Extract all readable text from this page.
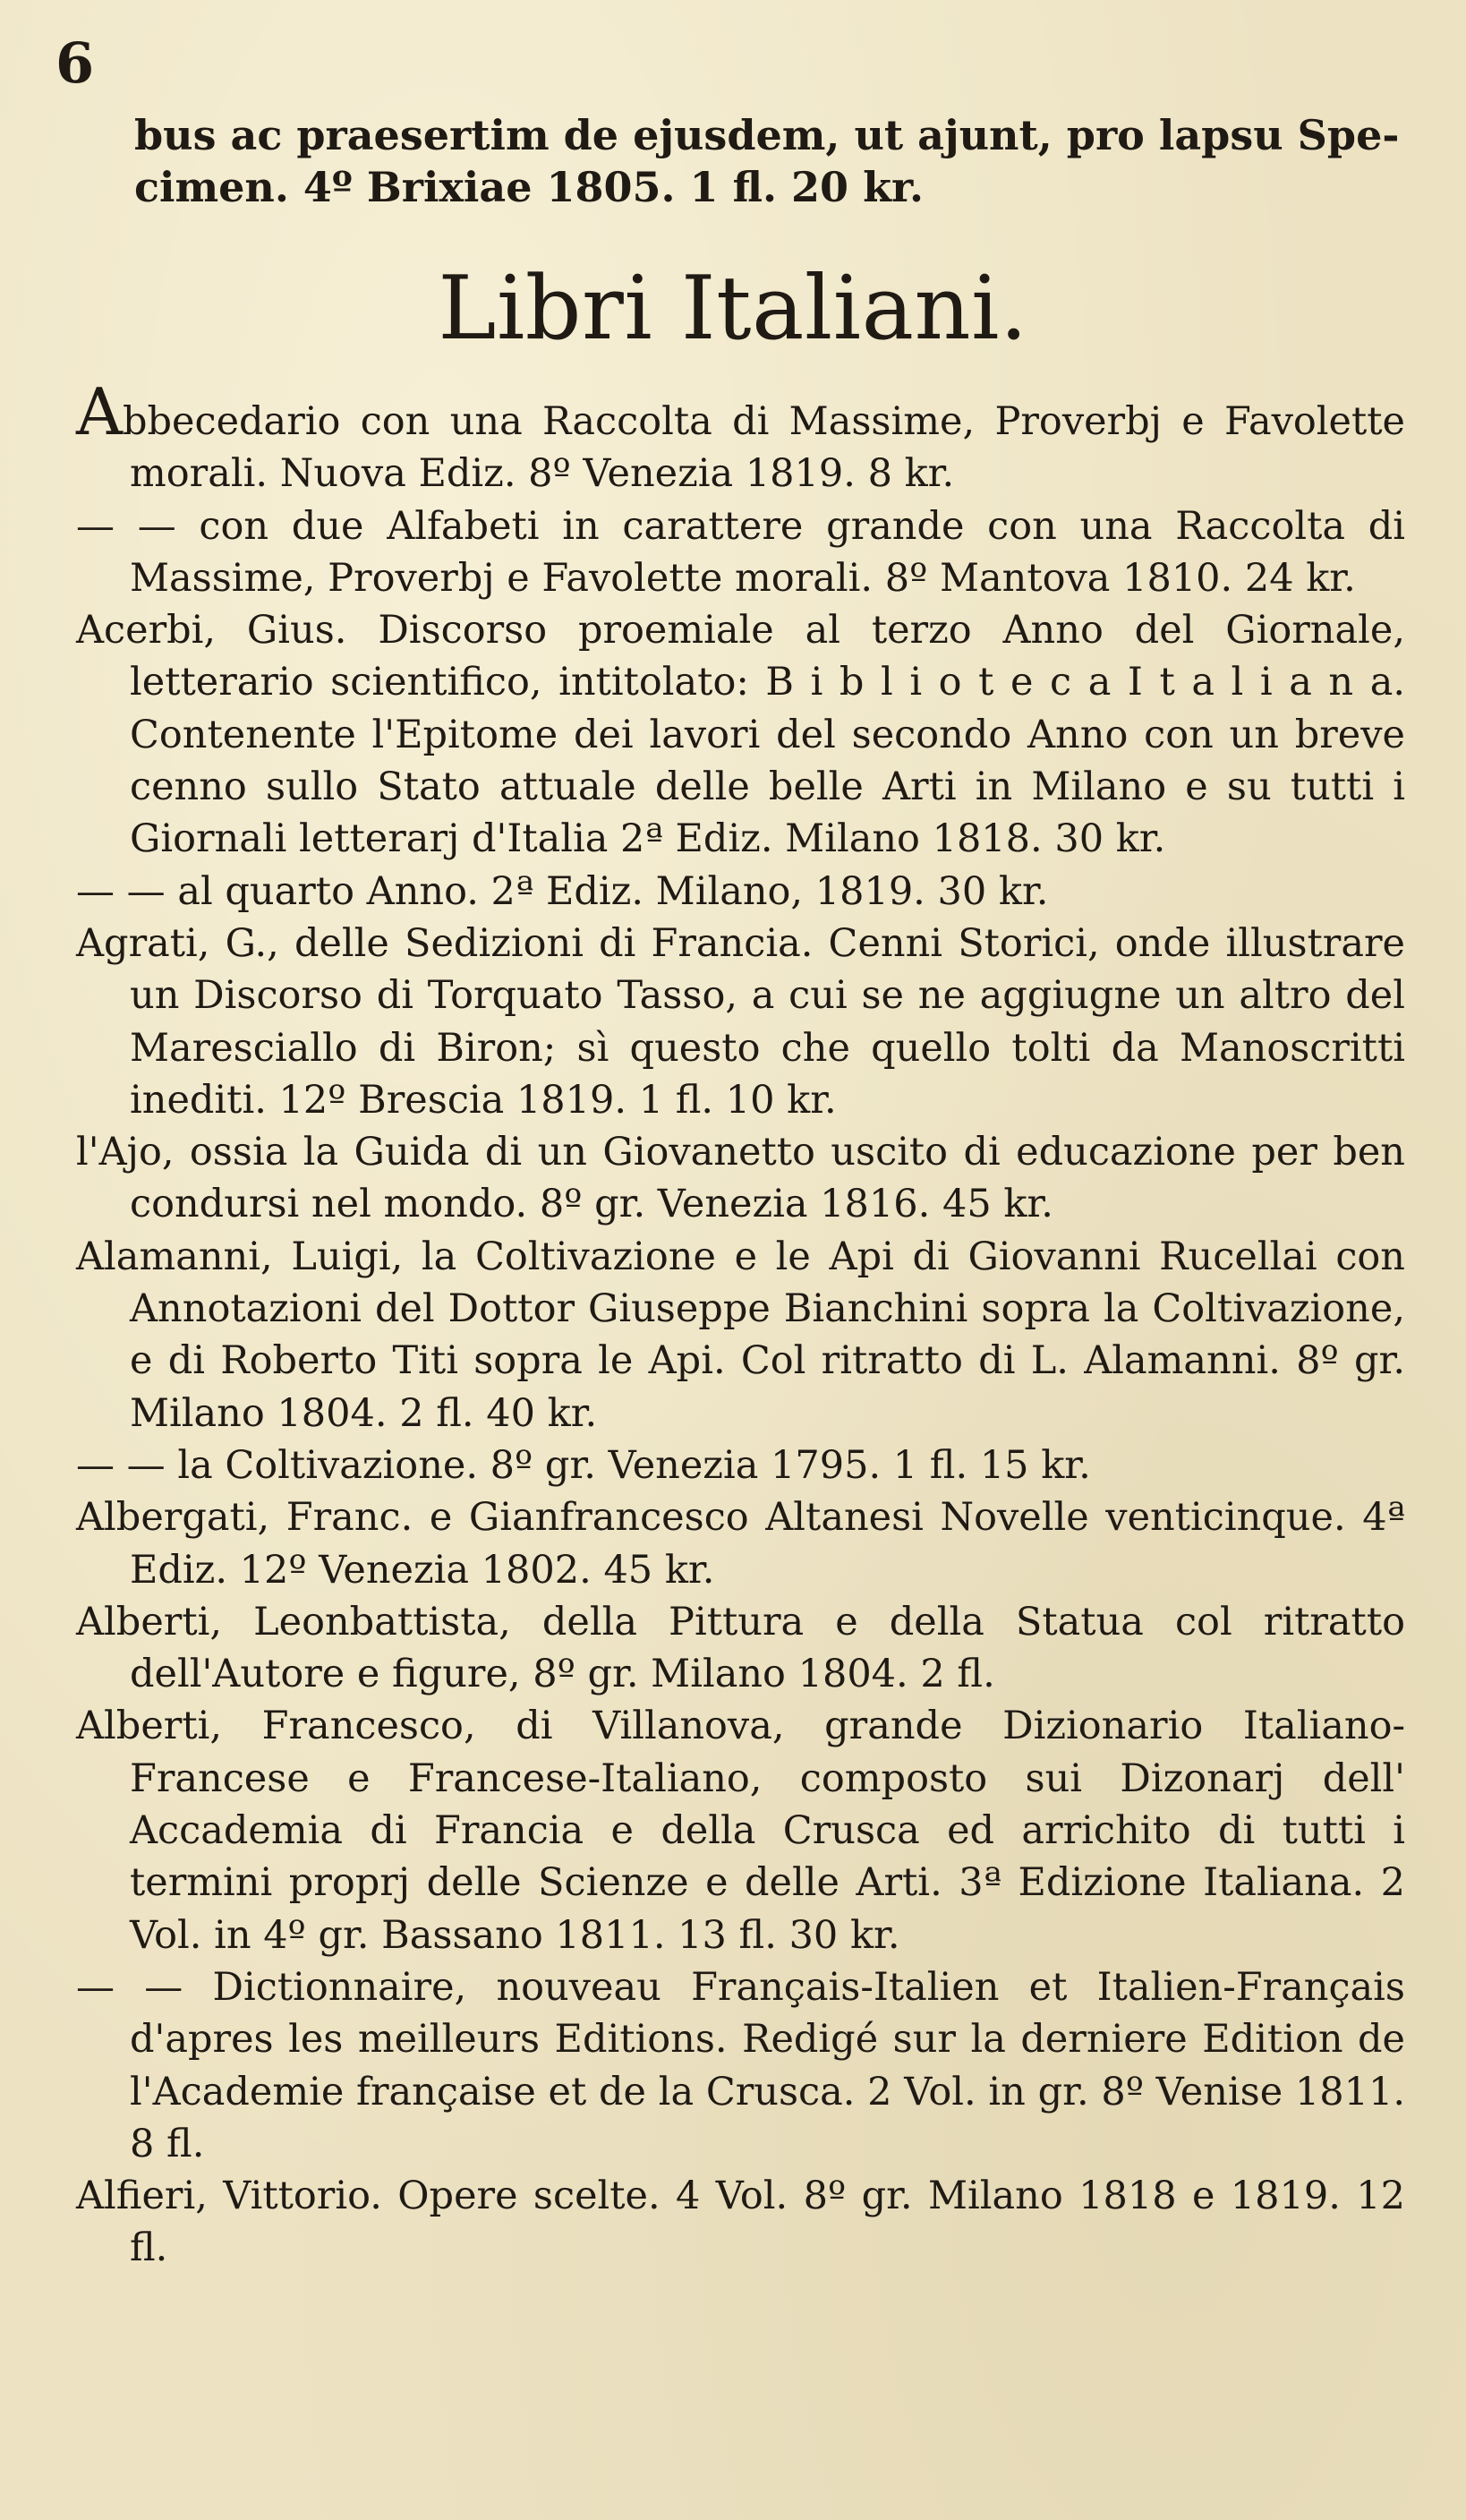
6
bus ac praesertim de ejusdem, ut ajunt, pro lapsu Spe-
cimen. 4º Brixiae 1805. 1 fl. 20 kr.
Libri Italiani.

Abbecedario con una Raccolta di Massime, Proverbj e Favolette morali. Nuova Ediz. 8º Venezia 1819. 8 kr.

— — con due Alfabeti in carattere grande con una Raccolta di Massime, Proverbj e Favolette morali. 8º Mantova 1810. 24 kr.

Acerbi, Gius. Discorso proemiale al terzo Anno del Giornale, letterario scientifico, intitolato: B i b l i o t e c a I t a l i a n a. Contenente l'Epitome dei lavori del secondo Anno con un breve cenno sullo Stato attuale delle belle Arti in Milano e su tutti i Giornali letterarj d'Italia 2ª Ediz. Milano 1818. 30 kr.

— — al quarto Anno. 2ª Ediz. Milano, 1819. 30 kr.

Agrati, G., delle Sedizioni di Francia. Cenni Storici, onde illustrare un Discorso di Torquato Tasso, a cui se ne aggiugne un altro del Maresciallo di Biron; sì questo che quello tolti da Manoscritti inediti. 12º Brescia 1819. 1 fl. 10 kr.

l'Ajo, ossia la Guida di un Giovanetto uscito di educazione per ben condursi nel mondo. 8º gr. Venezia 1816. 45 kr.

Alamanni, Luigi, la Coltivazione e le Api di Giovanni Rucellai con Annotazioni del Dottor Giuseppe Bianchini sopra la Coltivazione, e di Roberto Titi sopra le Api. Col ritratto di L. Alamanni. 8º gr. Milano 1804. 2 fl. 40 kr.

— — la Coltivazione. 8º gr. Venezia 1795. 1 fl. 15 kr.

Albergati, Franc. e Gianfrancesco Altanesi Novelle venticinque. 4ª Ediz. 12º Venezia 1802. 45 kr.

Alberti, Leonbattista, della Pittura e della Statua col ritratto dell'Autore e figure, 8º gr. Milano 1804. 2 fl.

Alberti, Francesco, di Villanova, grande Dizionario Italiano-Francese e Francese-Italiano, composto sui Dizonarj dell' Accademia di Francia e della Crusca ed arrichito di tutti i termini proprj delle Scienze e delle Arti. 3ª Edizione Italiana. 2 Vol. in 4º gr. Bassano 1811. 13 fl. 30 kr.

— — Dictionnaire, nouveau Français-Italien et Italien-Français d'apres les meilleurs Editions. Redigé sur la derniere Edition de l'Academie française et de la Crusca. 2 Vol. in gr. 8º Venise 1811. 8 fl.

Alfieri, Vittorio. Opere scelte. 4 Vol. 8º gr. Milano 1818 e 1819. 12 fl.
